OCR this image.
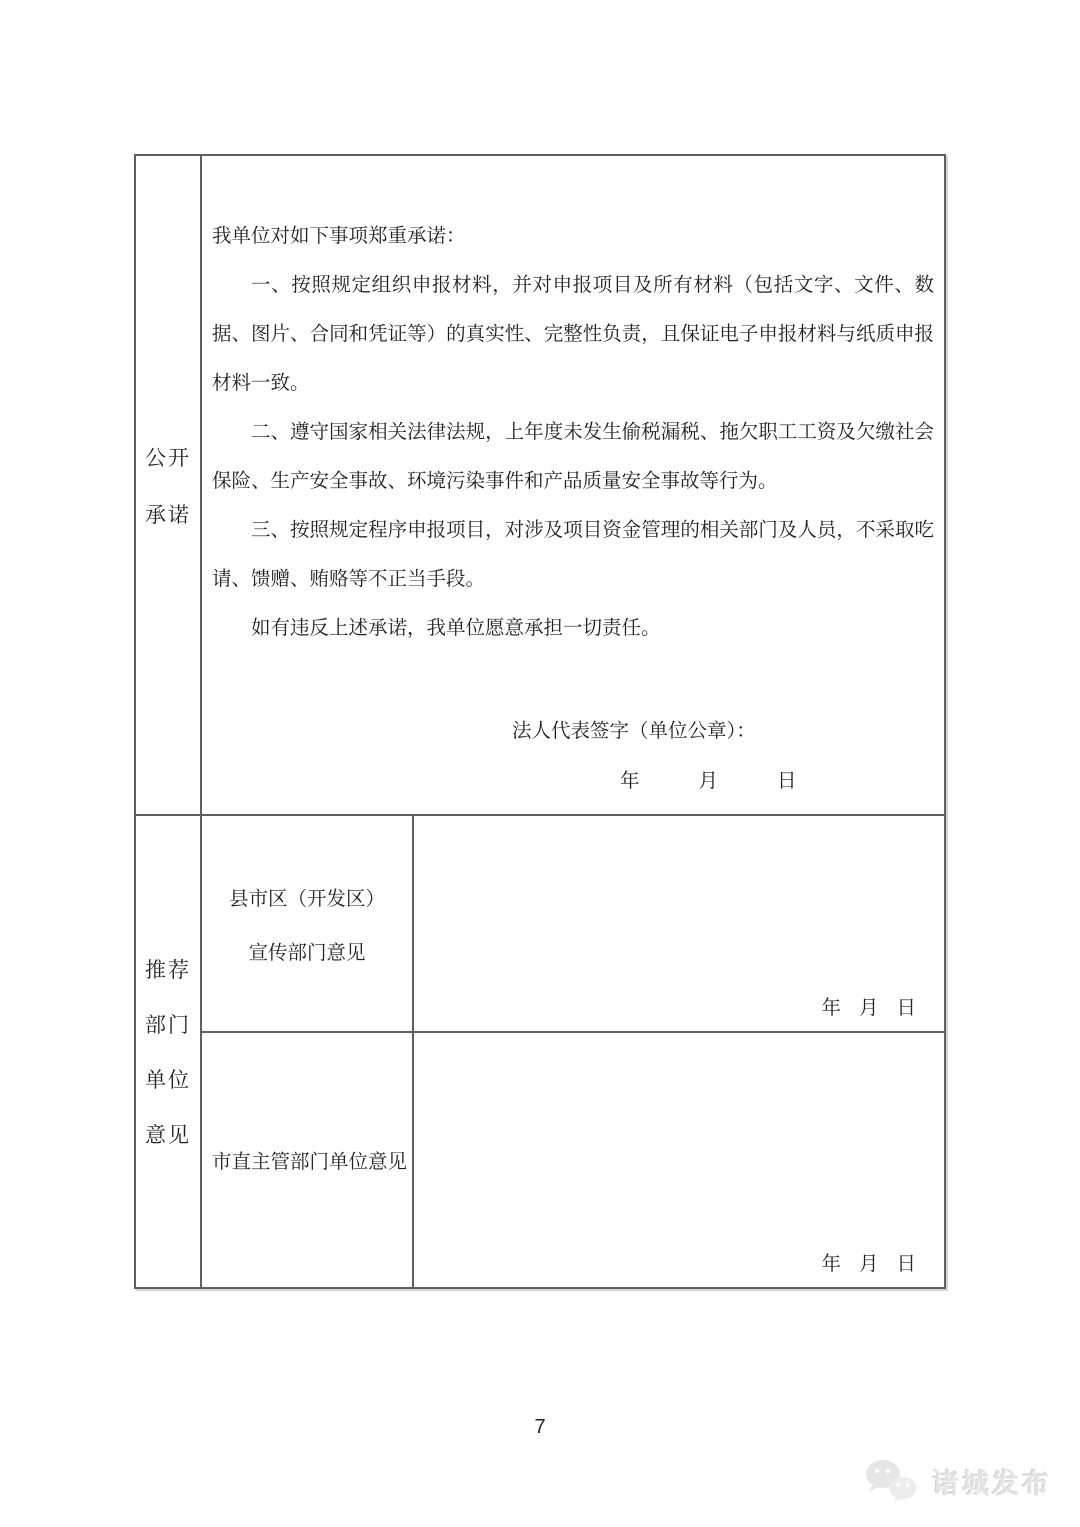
公开
承诺

我单位对如下事项郑重承诺：

一、按照规定组织申报材料，并对申报项目及所有材料（包括文字、文件、数据、图片、合同和凭证等）的真实性、完整性负责，且保证电子申报材料与纸质申报材料一致。

二、遵守国家相关法律法规，上年度未发生偷税漏税、拖欠职工工资及欠缴社会保险、生产安全事故、环境污染事件和产品质量安全事故等行为。

三、按照规定程序申报项目，对涉及项目资金管理的相关部门及人员，不采取吃请、馈赠、贿赂等不正当手段。

如有违反上述承诺，我单位愿意承担一切责任。

法人代表签字（单位公章）：
年	月	日
推荐
部门
单位
意见
县市区（开发区）
宣传部门意见
年 月 日
市直主管部门单位意见
年 月 日
7
诸城发布
